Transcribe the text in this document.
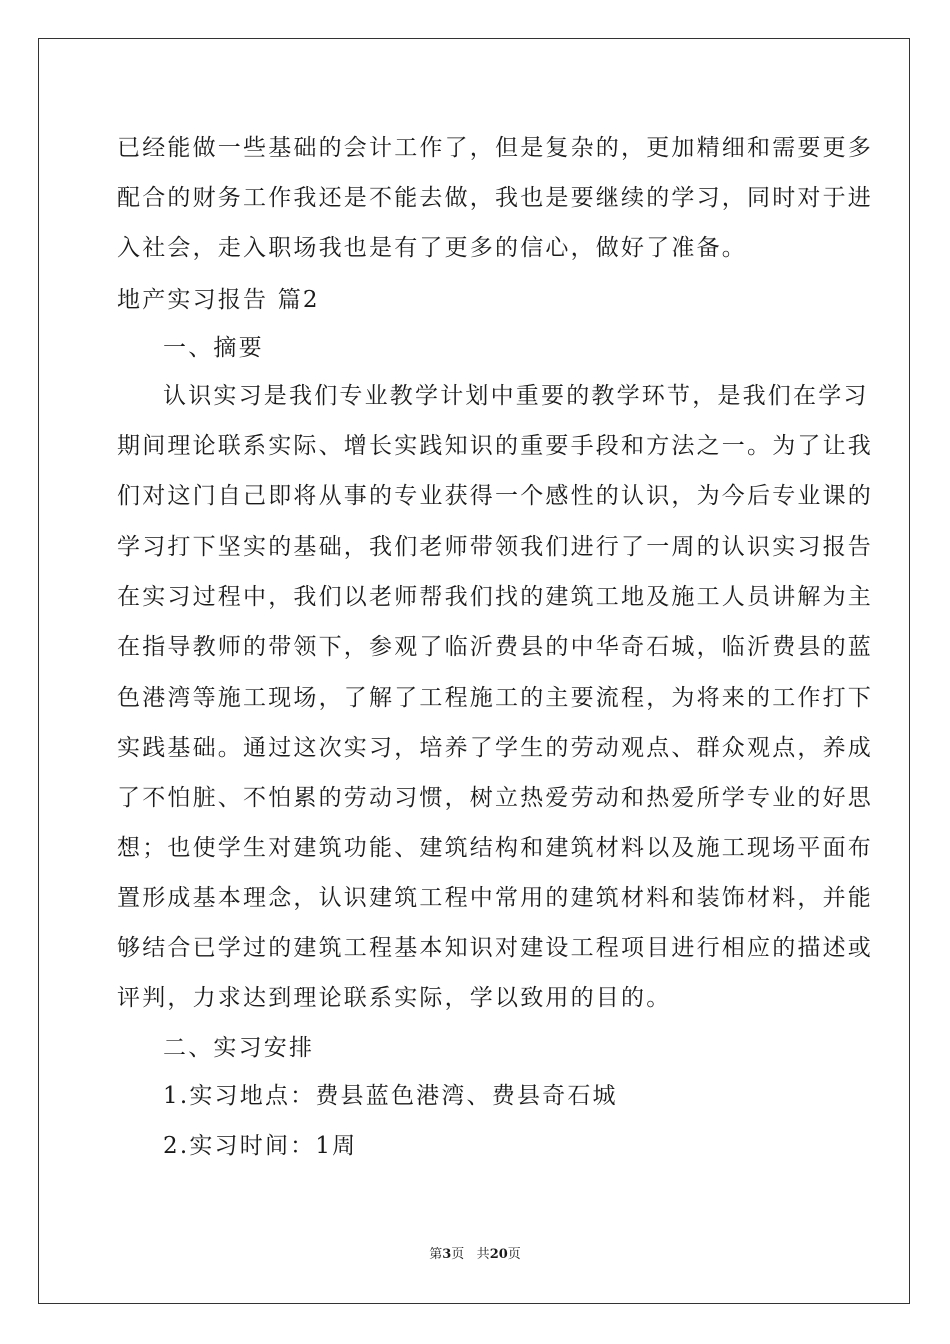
已经能做一些基础的会计工作了，但是复杂的，更加精细和需要更多
配合的财务工作我还是不能去做，我也是要继续的学习，同时对于进
入社会，走入职场我也是有了更多的信心，做好了准备。
地产实习报告 篇2
一、摘要
认识实习是我们专业教学计划中重要的教学环节，是我们在学习
期间理论联系实际、增长实践知识的重要手段和方法之一。为了让我
们对这门自己即将从事的专业获得一个感性的认识，为今后专业课的
学习打下坚实的基础，我们老师带领我们进行了一周的认识实习报告
在实习过程中，我们以老师帮我们找的建筑工地及施工人员讲解为主
在指导教师的带领下，参观了临沂费县的中华奇石城，临沂费县的蓝
色港湾等施工现场，了解了工程施工的主要流程，为将来的工作打下
实践基础。通过这次实习，培养了学生的劳动观点、群众观点，养成
了不怕脏、不怕累的劳动习惯，树立热爱劳动和热爱所学专业的好思
想；也使学生对建筑功能、建筑结构和建筑材料以及施工现场平面布
置形成基本理念，认识建筑工程中常用的建筑材料和装饰材料，并能
够结合已学过的建筑工程基本知识对建设工程项目进行相应的描述或
评判，力求达到理论联系实际，学以致用的目的。
二、实习安排
1.实习地点：费县蓝色港湾、费县奇石城
2.实习时间：1周
第3页 共20页
